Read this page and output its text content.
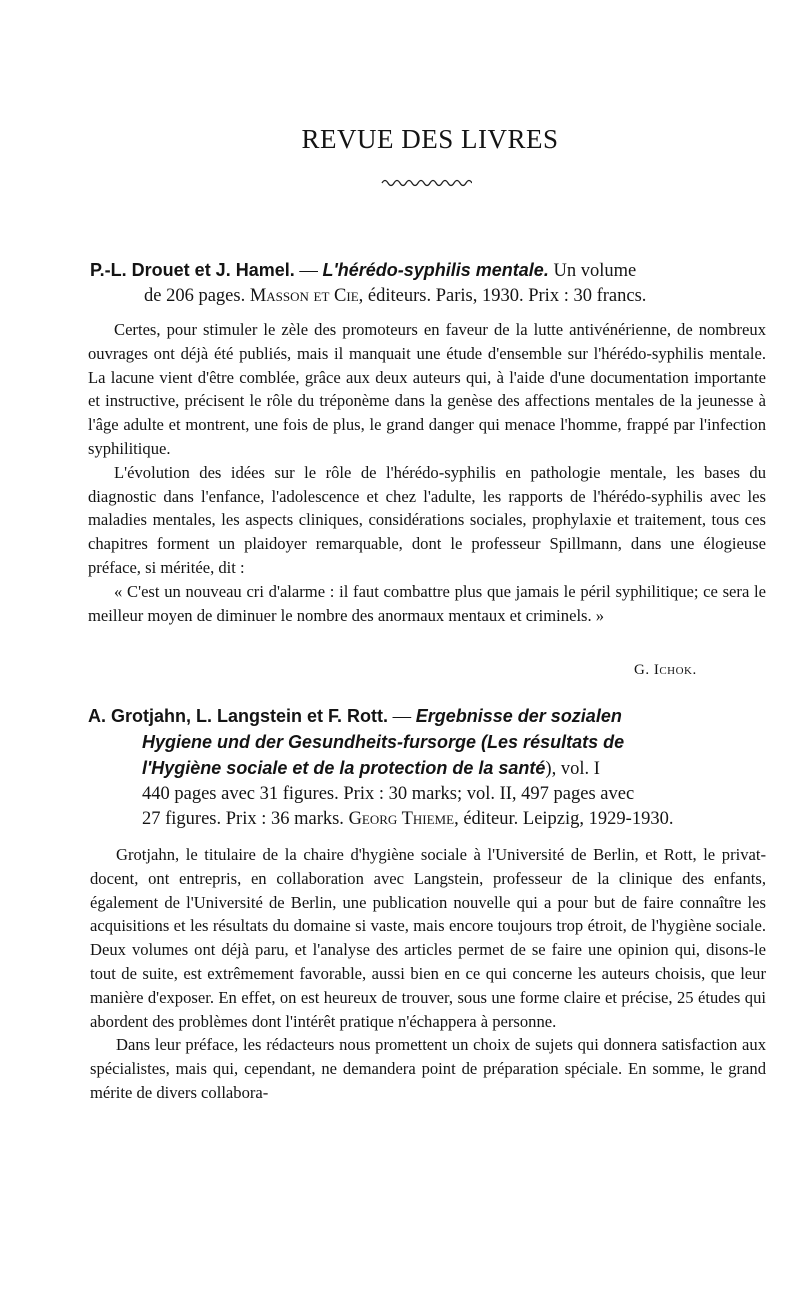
REVUE DES LIVRES
P.-L. Drouet et J. Hamel. — L'hérédo-syphilis mentale. Un volume
de 206 pages. Masson et Cie, éditeurs. Paris, 1930. Prix : 30 francs.

Certes, pour stimuler le zèle des promoteurs en faveur de la lutte antivénérienne, de nombreux ouvrages ont déjà été publiés, mais il manquait une étude d'ensemble sur l'hérédo-syphilis mentale. La lacune vient d'être comblée, grâce aux deux auteurs qui, à l'aide d'une documentation importante et instructive, précisent le rôle du tréponème dans la genèse des affections mentales de la jeunesse à l'âge adulte et montrent, une fois de plus, le grand danger qui menace l'homme, frappé par l'infection syphilitique.

L'évolution des idées sur le rôle de l'hérédo-syphilis en pathologie mentale, les bases du diagnostic dans l'enfance, l'adolescence et chez l'adulte, les rapports de l'hérédo-syphilis avec les maladies mentales, les aspects cliniques, considérations sociales, prophylaxie et traitement, tous ces chapitres forment un plaidoyer remarquable, dont le professeur Spillmann, dans une élogieuse préface, si méritée, dit :

« C'est un nouveau cri d'alarme : il faut combattre plus que jamais le péril syphilitique; ce sera le meilleur moyen de diminuer le nombre des anormaux mentaux et criminels. »

G. Ichok.
A. Grotjahn, L. Langstein et F. Rott. — Ergebnisse der sozialen
Hygiene und der Gesundheits-fursorge (Les résultats de
l'Hygiène sociale et de la protection de la santé), vol. I
440 pages avec 31 figures. Prix : 30 marks; vol. II, 497 pages avec
27 figures. Prix : 36 marks. Georg Thieme, éditeur. Leipzig, 1929-1930.

Grotjahn, le titulaire de la chaire d'hygiène sociale à l'Université de Berlin, et Rott, le privat-docent, ont entrepris, en collaboration avec Langstein, professeur de la clinique des enfants, également de l'Université de Berlin, une publication nouvelle qui a pour but de faire connaître les acquisitions et les résultats du domaine si vaste, mais encore toujours trop étroit, de l'hygiène sociale. Deux volumes ont déjà paru, et l'analyse des articles permet de se faire une opinion qui, disons-le tout de suite, est extrêmement favorable, aussi bien en ce qui concerne les auteurs choisis, que leur manière d'exposer. En effet, on est heureux de trouver, sous une forme claire et précise, 25 études qui abordent des problèmes dont l'intérêt pratique n'échappera à personne.

Dans leur préface, les rédacteurs nous promettent un choix de sujets qui donnera satisfaction aux spécialistes, mais qui, cependant, ne demandera point de préparation spéciale. En somme, le grand mérite de divers collabora-
